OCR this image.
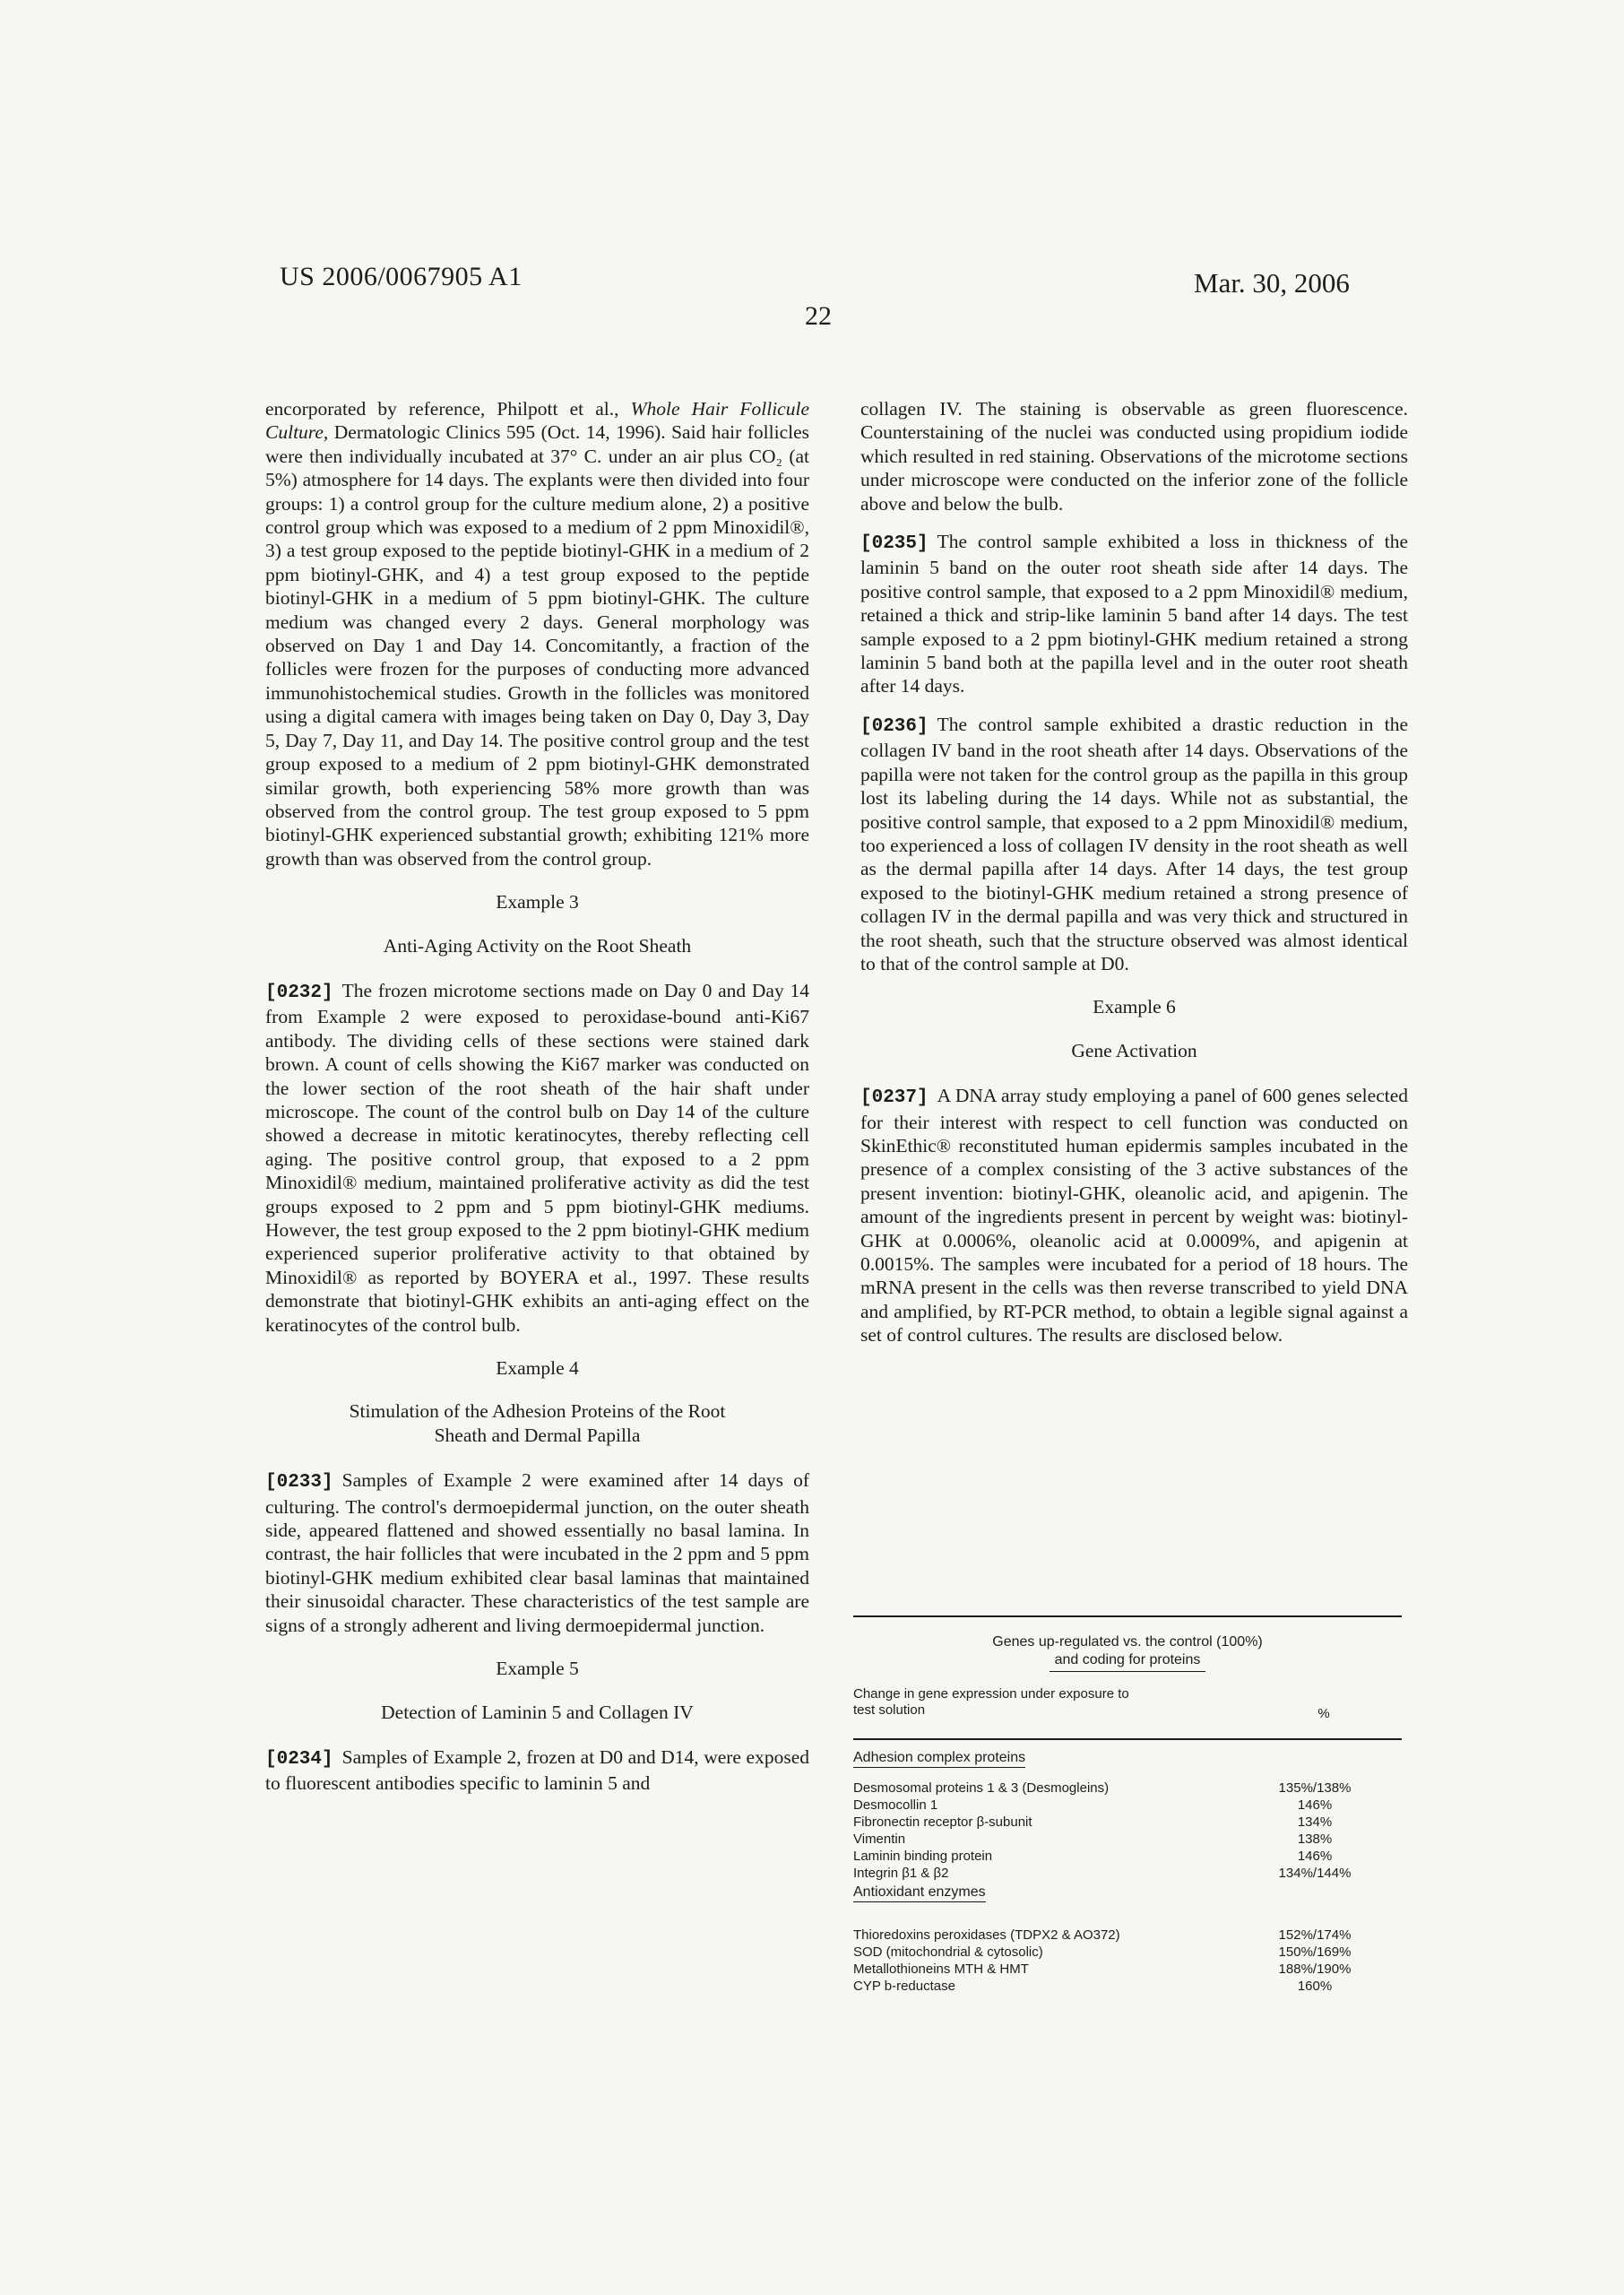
US 2006/0067905 A1
22
Mar. 30, 2006

encorporated by reference, Philpott et al., Whole Hair Follicule Culture, Dermatologic Clinics 595 (Oct. 14, 1996). Said hair follicles were then individually incubated at 37° C. under an air plus CO₂ (at 5%) atmosphere for 14 days. The explants were then divided into four groups: 1) a control group for the culture medium alone, 2) a positive control group which was exposed to a medium of 2 ppm Minoxidil®, 3) a test group exposed to the peptide biotinyl-GHK in a medium of 2 ppm biotinyl-GHK, and 4) a test group exposed to the peptide biotinyl-GHK in a medium of 5 ppm biotinyl-GHK. The culture medium was changed every 2 days. General morphology was observed on Day 1 and Day 14. Concomitantly, a fraction of the follicles were frozen for the purposes of conducting more advanced immunohistochemical studies. Growth in the follicles was monitored using a digital camera with images being taken on Day 0, Day 3, Day 5, Day 7, Day 11, and Day 14. The positive control group and the test group exposed to a medium of 2 ppm biotinyl-GHK demonstrated similar growth, both experiencing 58% more growth than was observed from the control group. The test group exposed to 5 ppm biotinyl-GHK experienced substantial growth; exhibiting 121% more growth than was observed from the control group.

Example 3
Anti-Aging Activity on the Root Sheath

[0232] The frozen microtome sections made on Day 0 and Day 14 from Example 2 were exposed to peroxidase-bound anti-Ki67 antibody. The dividing cells of these sections were stained dark brown. A count of cells showing the Ki67 marker was conducted on the lower section of the root sheath of the hair shaft under microscope. The count of the control bulb on Day 14 of the culture showed a decrease in mitotic keratinocytes, thereby reflecting cell aging. The positive control group, that exposed to a 2 ppm Minoxidil® medium, maintained proliferative activity as did the test groups exposed to 2 ppm and 5 ppm biotinyl-GHK mediums. However, the test group exposed to the 2 ppm biotinyl-GHK medium experienced superior proliferative activity to that obtained by Minoxidil® as reported by BOYERA et al., 1997. These results demonstrate that biotinyl-GHK exhibits an anti-aging effect on the keratinocytes of the control bulb.

Example 4
Stimulation of the Adhesion Proteins of the Root
Sheath and Dermal Papilla

[0233] Samples of Example 2 were examined after 14 days of culturing. The control's dermoepidermal junction, on the outer sheath side, appeared flattened and showed essentially no basal lamina. In contrast, the hair follicles that were incubated in the 2 ppm and 5 ppm biotinyl-GHK medium exhibited clear basal laminas that maintained their sinusoidal character. These characteristics of the test sample are signs of a strongly adherent and living dermoepidermal junction.

Example 5
Detection of Laminin 5 and Collagen IV

[0234] Samples of Example 2, frozen at D0 and D14, were exposed to fluorescent antibodies specific to laminin 5 and

collagen IV. The staining is observable as green fluorescence. Counterstaining of the nuclei was conducted using propidium iodide which resulted in red staining. Observations of the microtome sections under microscope were conducted on the inferior zone of the follicle above and below the bulb.

[0235] The control sample exhibited a loss in thickness of the laminin 5 band on the outer root sheath side after 14 days. The positive control sample, that exposed to a 2 ppm Minoxidil® medium, retained a thick and strip-like laminin 5 band after 14 days. The test sample exposed to a 2 ppm biotinyl-GHK medium retained a strong laminin 5 band both at the papilla level and in the outer root sheath after 14 days.

[0236] The control sample exhibited a drastic reduction in the collagen IV band in the root sheath after 14 days. Observations of the papilla were not taken for the control group as the papilla in this group lost its labeling during the 14 days. While not as substantial, the positive control sample, that exposed to a 2 ppm Minoxidil® medium, too experienced a loss of collagen IV density in the root sheath as well as the dermal papilla after 14 days. After 14 days, the test group exposed to the biotinyl-GHK medium retained a strong presence of collagen IV in the dermal papilla and was very thick and structured in the root sheath, such that the structure observed was almost identical to that of the control sample at D0.

Example 6
Gene Activation

[0237] A DNA array study employing a panel of 600 genes selected for their interest with respect to cell function was conducted on SkinEthic® reconstituted human epidermis samples incubated in the presence of a complex consisting of the 3 active substances of the present invention: biotinyl-GHK, oleanolic acid, and apigenin. The amount of the ingredients present in percent by weight was: biotinyl-GHK at 0.0006%, oleanolic acid at 0.0009%, and apigenin at 0.0015%. The samples were incubated for a period of 18 hours. The mRNA present in the cells was then reverse transcribed to yield DNA and amplified, by RT-PCR method, to obtain a legible signal against a set of control cultures. The results are disclosed below.

Genes up-regulated vs. the control (100%)
and coding for proteins
Change in gene expression under exposure to
test solution	%
Adhesion complex proteins
Desmosomal proteins 1 & 3 (Desmogleins)	135%/138%
Desmocollin 1	146%
Fibronectin receptor β-subunit	134%
Vimentin	138%
Laminin binding protein	146%
Integrin β1 & β2	134%/144%
Antioxidant enzymes
Thioredoxins peroxidases (TDPX2 & AO372)	152%/174%
SOD (mitochondrial & cytosolic)	150%/169%
Metallothioneins MTH & HMT	188%/190%
CYP b-reductase	160%
